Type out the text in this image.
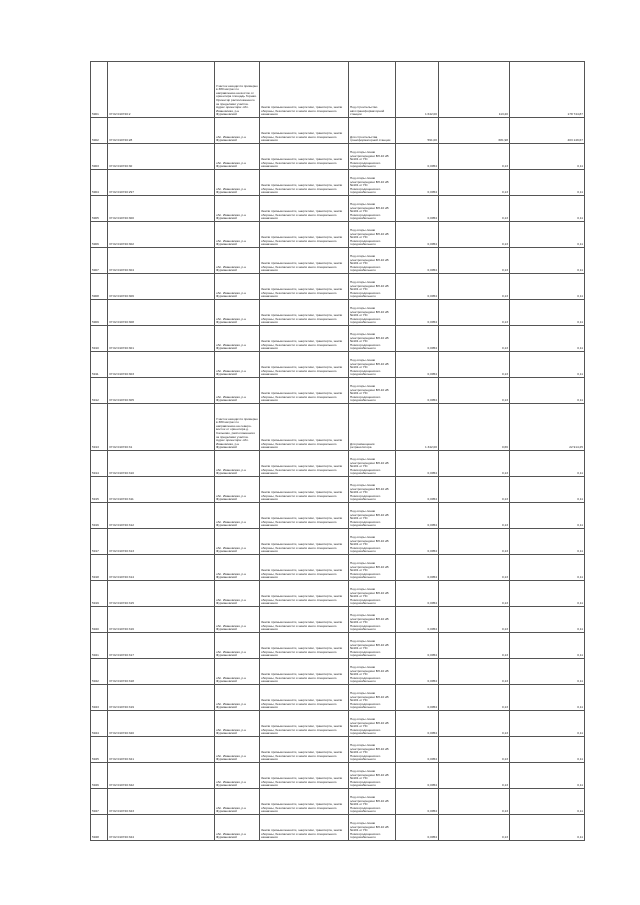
5901	37:02:010720:2	Участок находится примерно в 380 метрах по направлению на восток от ориентира площадь Горная. Ориентир расположенного за пределами участка. Адрес ориентира: обл. Ивановская, р-н Фурмановский	Земли промышленности, энергетики, транспорта, земли обороны, безопасности и земли иного специального назначения	Под строительство автотрансформаторной станции	1 642,00	113,20	178 744,87
5902	37:02:010720:28	обл. Ивановская, р-н Фурмановский	Земли промышленности, энергетики, транспорта, земли обороны, безопасности и земли иного специального назначения	Для строительства трансформаторной станции	591,00	681,98	403 149,67
5903	37:02:010720:30	обл. Ивановская, р-н Фурмановский	Земли промышленности, энергетики, транспорта, земли обороны, безопасности и земли иного специального назначения	Под опоры линии электропередачи ВЛ-10 кВ №101 от ПС Новогородищенского городокабельного	0,0054	0,13	0,11
5904	37:02:010720:297	обл. Ивановская, р-н Фурмановский	Земли промышленности, энергетики, транспорта, земли обороны, безопасности и земли иного специального назначения	Под опоры линии электропередачи ВЛ-10 кВ №101 от ПС Новогородищенского городокабельного	0,0054	0,13	0,11
5905	37:02:010720:300	обл. Ивановская, р-н Фурмановский	Земли промышленности, энергетики, транспорта, земли обороны, безопасности и земли иного специального назначения	Под опоры линии электропередачи ВЛ-10 кВ №101 от ПС Новогородищенского городокабельного	0,0054	0,13	0,11
5906	37:02:010720:302	обл. Ивановская, р-н Фурмановский	Земли промышленности, энергетики, транспорта, земли обороны, безопасности и земли иного специального назначения	Под опоры линии электропередачи ВЛ-10 кВ №101 от ПС Новогородищенского городокабельного	0,0054	0,13	0,11
5907	37:02:010720:304	обл. Ивановская, р-н Фурмановский	Земли промышленности, энергетики, транспорта, земли обороны, безопасности и земли иного специального назначения	Под опоры линии электропередачи ВЛ-10 кВ №101 от ПС Новогородищенского городокабельного	0,0054	0,13	0,11
5908	37:02:010720:306	обл. Ивановская, р-н Фурмановский	Земли промышленности, энергетики, транспорта, земли обороны, безопасности и земли иного специального назначения	Под опоры линии электропередачи ВЛ-10 кВ №101 от ПС Новогородищенского городокабельного	0,0054	0,13	0,11
5909	37:02:010720:308	обл. Ивановская, р-н Фурмановский	Земли промышленности, энергетики, транспорта, земли обороны, безопасности и земли иного специального назначения	Под опоры линии электропередачи ВЛ-10 кВ №101 от ПС Новогородищенского городокабельного	0,0054	0,13	0,11
5910	37:02:010720:301	обл. Ивановская, р-н Фурмановский	Земли промышленности, энергетики, транспорта, земли обороны, безопасности и земли иного специального назначения	Под опоры линии электропередачи ВЛ-10 кВ №101 от ПС Новогородищенского городокабельного	0,0054	0,13	0,11
5911	37:02:010720:303	обл. Ивановская, р-н Фурмановский	Земли промышленности, энергетики, транспорта, земли обороны, безопасности и земли иного специального назначения	Под опоры линии электропередачи ВЛ-10 кВ №101 от ПС Новогородищенского городокабельного	0,0054	0,13	0,11
5912	37:02:010720:305	обл. Ивановская, р-н Фурмановский	Земли промышленности, энергетики, транспорта, земли обороны, безопасности и земли иного специального назначения	Под опоры линии электропередачи ВЛ-10 кВ №101 от ПС Новогородищенского городокабельного	0,0054	0,13	0,11
5913	37:02:010720:31	Участок находится примерно в 380 метрах по направлению на северо-восток от ориентира д. Сальково, расположенного за пределами участка. Адрес ориентира: обл. Ивановская, р-н Фурмановский	Земли промышленности, энергетики, транспорта, земли обороны, безопасности и земли иного специального назначения	Для размещения ретранслятора	1 342,00	0,66	22 914,25
5914	37:02:010720:310	обл. Ивановская, р-н Фурмановский	Земли промышленности, энергетики, транспорта, земли обороны, безопасности и земли иного специального назначения	Под опоры линии электропередачи ВЛ-10 кВ №101 от ПС Новогородищенского городокабельного	0,0054	0,13	0,11
5915	37:02:010720:311	обл. Ивановская, р-н Фурмановский	Земли промышленности, энергетики, транспорта, земли обороны, безопасности и земли иного специального назначения	Под опоры линии электропередачи ВЛ-10 кВ №101 от ПС Новогородищенского городокабельного	0,0054	0,13	0,11
5916	37:02:010720:312	обл. Ивановская, р-н Фурмановский	Земли промышленности, энергетики, транспорта, земли обороны, безопасности и земли иного специального назначения	Под опоры линии электропередачи ВЛ-10 кВ №101 от ПС Новогородищенского городокабельного	0,0054	0,13	0,11
5917	37:02:010720:313	обл. Ивановская, р-н Фурмановский	Земли промышленности, энергетики, транспорта, земли обороны, безопасности и земли иного специального назначения	Под опоры линии электропередачи ВЛ-10 кВ №101 от ПС Новогородищенского городокабельного	0,0054	0,13	0,11
5918	37:02:010720:314	обл. Ивановская, р-н Фурмановский	Земли промышленности, энергетики, транспорта, земли обороны, безопасности и земли иного специального назначения	Под опоры линии электропередачи ВЛ-10 кВ №101 от ПС Новогородищенского городокабельного	0,0054	0,13	0,11
5919	37:02:010720:315	обл. Ивановская, р-н Фурмановский	Земли промышленности, энергетики, транспорта, земли обороны, безопасности и земли иного специального назначения	Под опоры линии электропередачи ВЛ-10 кВ №101 от ПС Новогородищенского городокабельного	0,0054	0,13	0,11
5920	37:02:010720:316	обл. Ивановская, р-н Фурмановский	Земли промышленности, энергетики, транспорта, земли обороны, безопасности и земли иного специального назначения	Под опоры линии электропередачи ВЛ-10 кВ №101 от ПС Новогородищенского городокабельного	0,0054	0,13	0,11
5921	37:02:010720:317	обл. Ивановская, р-н Фурмановский	Земли промышленности, энергетики, транспорта, земли обороны, безопасности и земли иного специального назначения	Под опоры линии электропередачи ВЛ-10 кВ №101 от ПС Новогородищенского городокабельного	0,0054	0,13	0,11
5922	37:02:010720:318	обл. Ивановская, р-н Фурмановский	Земли промышленности, энергетики, транспорта, земли обороны, безопасности и земли иного специального назначения	Под опоры линии электропередачи ВЛ-10 кВ №101 от ПС Новогородищенского городокабельного	0,0054	0,13	0,11
5923	37:02:010720:319	обл. Ивановская, р-н Фурмановский	Земли промышленности, энергетики, транспорта, земли обороны, безопасности и земли иного специального назначения	Под опоры линии электропередачи ВЛ-10 кВ №101 от ПС Новогородищенского городокабельного	0,0054	0,13	0,11
5924	37:02:010720:320	обл. Ивановская, р-н Фурмановский	Земли промышленности, энергетики, транспорта, земли обороны, безопасности и земли иного специального назначения	Под опоры линии электропередачи ВЛ-10 кВ №101 от ПС Новогородищенского городокабельного	0,0054	0,13	0,11
5925	37:02:010720:321	обл. Ивановская, р-н Фурмановский	Земли промышленности, энергетики, транспорта, земли обороны, безопасности и земли иного специального назначения	Под опоры линии электропередачи ВЛ-10 кВ №101 от ПС Новогородищенского городокабельного	0,0054	0,13	0,11
5926	37:02:010720:322	обл. Ивановская, р-н Фурмановский	Земли промышленности, энергетики, транспорта, земли обороны, безопасности и земли иного специального назначения	Под опоры линии электропередачи ВЛ-10 кВ №101 от ПС Новогородищенского городокабельного	0,0054	0,13	0,11
5927	37:02:010720:323	обл. Ивановская, р-н Фурмановский	Земли промышленности, энергетики, транспорта, земли обороны, безопасности и земли иного специального назначения	Под опоры линии электропередачи ВЛ-10 кВ №101 от ПС Новогородищенского городокабельного	0,0054	0,13	0,11
5928	37:02:010720:324	обл. Ивановская, р-н Фурмановский	Земли промышленности, энергетики, транспорта, земли обороны, безопасности и земли иного специального назначения	Под опоры линии электропередачи ВЛ-10 кВ №101 от ПС Новогородищенского городокабельного	0,0054	0,13	0,11
